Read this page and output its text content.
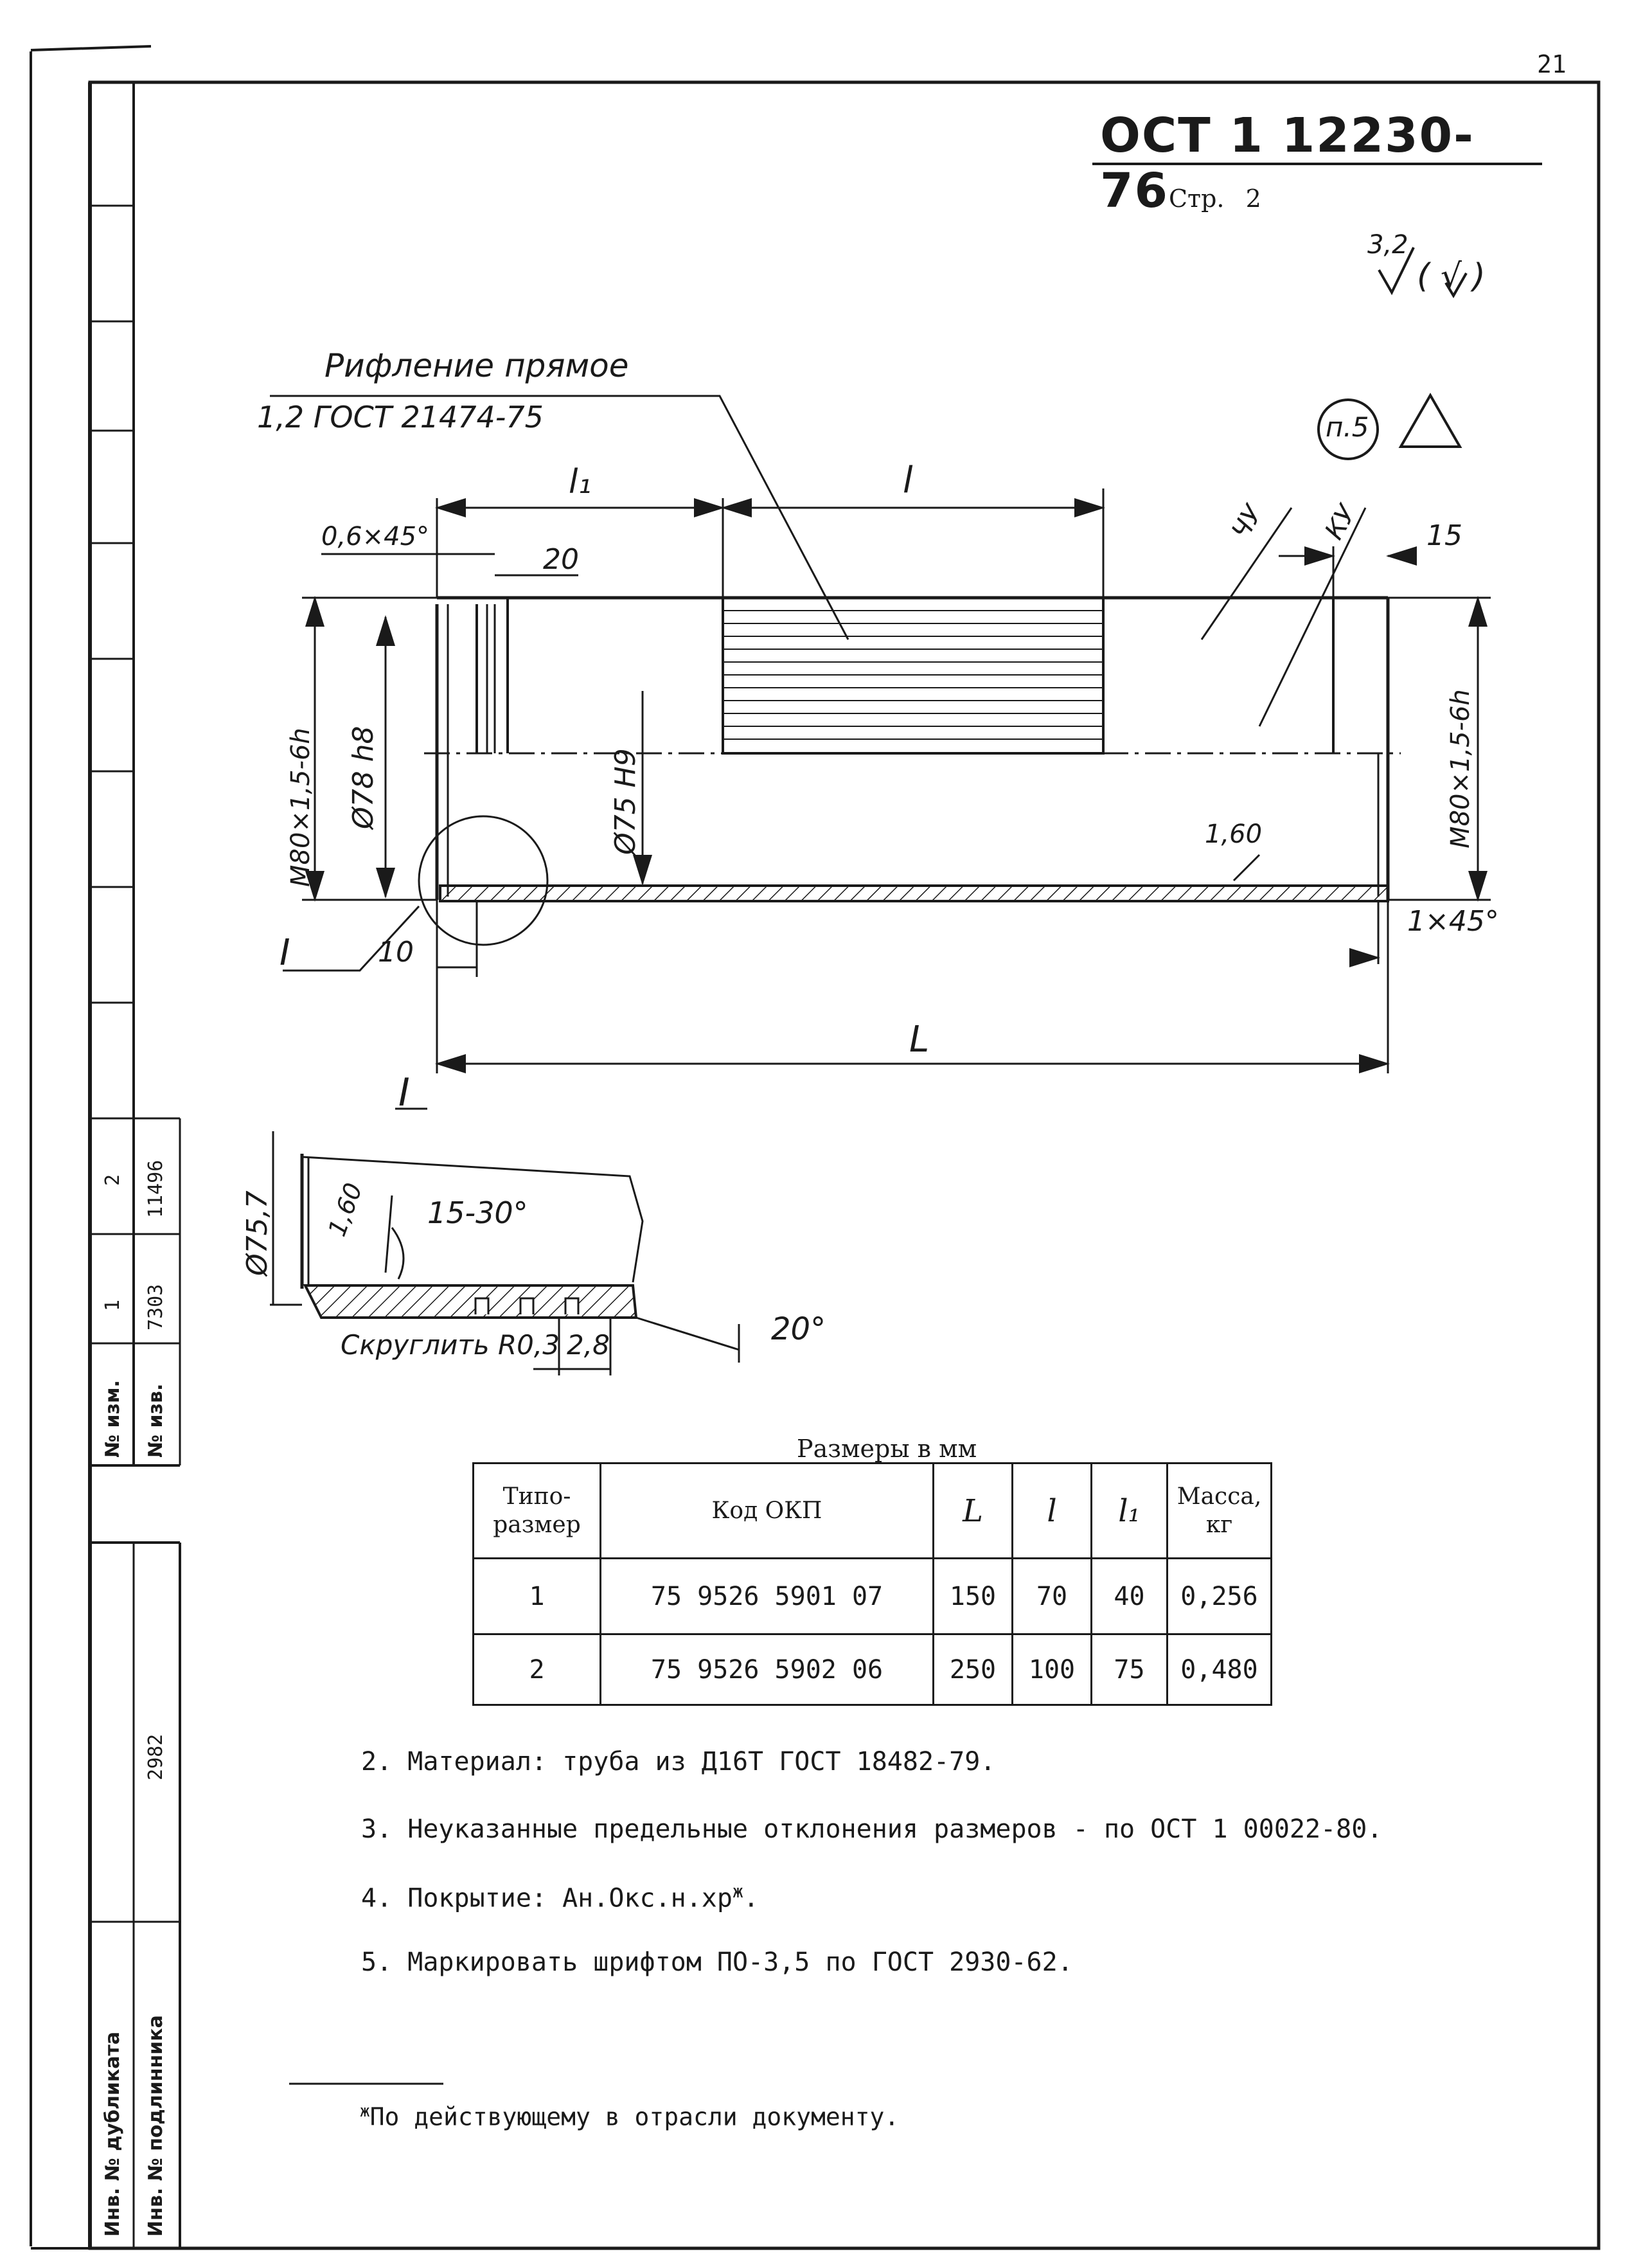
21
ОСТ 1 12230-76Стр. 2
3,2
( √ )
Рифление прямое
1,2 ГОСТ 21474-75	п.5
0,6×45°
20
l₁	l
L
15
ЧУ КУ
M80×1,5-6h Ø78 h8	Ø75 H9	M80×1,5-6h
1,60
10
1×45°
I
I
Ø75,7 1,60 15-30°
Скруглить R0,3 2,8	20°
Размеры в мм
Типо-
размер	Код ОКП	L	l	l₁	Масса,
кг
1	75 9526 5901 07	150	70	40	0,256
2	75 9526 5902 06	250	100	75	0,480
2. Материал: труба из Д16Т ГОСТ 18482-79.
3. Неуказанные предельные отклонения размеров - по ОСТ 1 00022-80.
4. Покрытие: $Ан.Окс.н.хр^ж$.
5. Маркировать шрифтом ПО-3,5 по ГОСТ 2930-62.
$^ж$По действующему в отрасли документу.
№ изм. № изв.
1 7303
2 11496
Инв. № дубликата Инв. № подлинника
2982
